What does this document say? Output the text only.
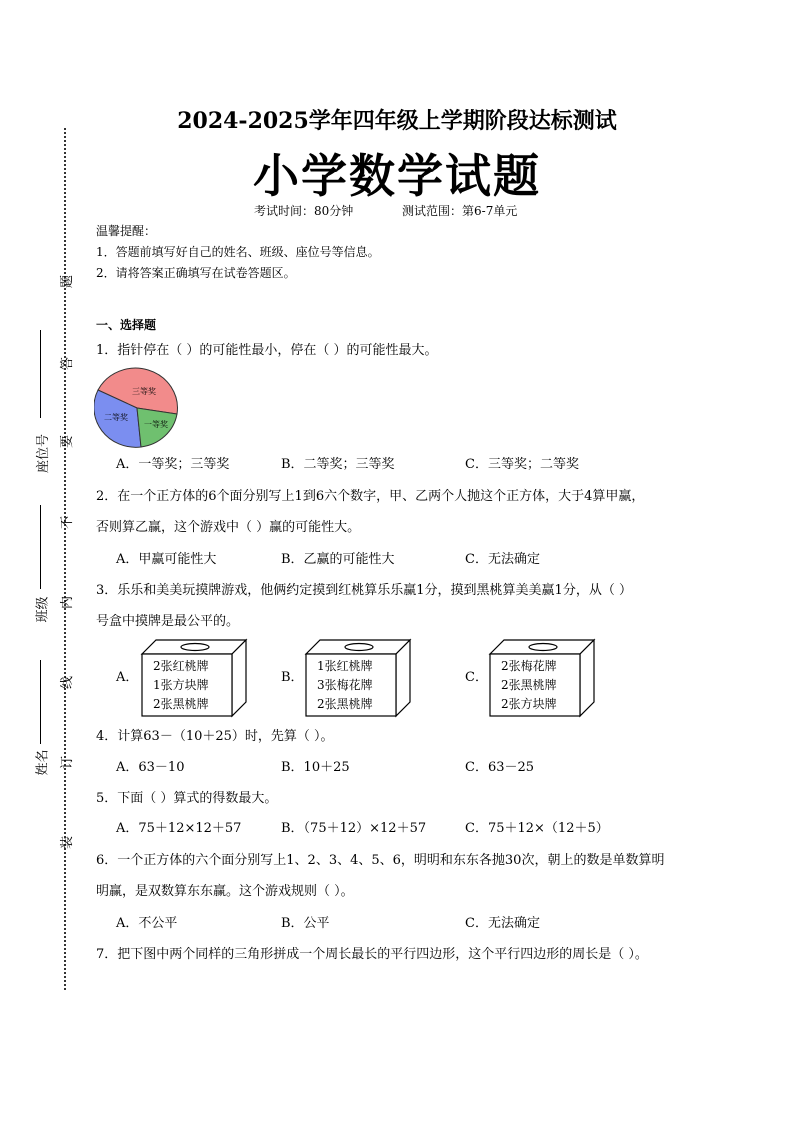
座位号
班级
姓名
题
答
要
不
内
线
订
装
2024-2025学年四年级上学期阶段达标测试
小学数学试题
考试时间：80分钟	测试范围：第6-7单元
温馨提醒：
1．答题前填写好自己的姓名、班级、座位号等信息。
2．请将答案正确填写在试卷答题区。
一、选择题
1．指针停在（ ）的可能性最小，停在（ ）的可能性最大。
三等奖
二等奖
一等奖
A．一等奖；三等奖	B．二等奖；三等奖	C．三等奖；二等奖
2．在一个正方体的6个面分别写上1到6六个数字，甲、乙两个人抛这个正方体，大于4算甲赢，
否则算乙赢，这个游戏中（ ）赢的可能性大。
A．甲赢可能性大	B．乙赢的可能性大	C．无法确定
3．乐乐和美美玩摸牌游戏，他俩约定摸到红桃算乐乐赢1分，摸到黑桃算美美赢1分，从（ ）
号盒中摸牌是最公平的。
A．
2张红桃牌
1张方块牌
2张黑桃牌
B．
1张红桃牌
3张梅花牌
2张黑桃牌
C．
2张梅花牌
2张黑桃牌
2张方块牌
4．计算63－（10＋25）时，先算（ ）。
A．63－10	B．10＋25	C．63－25
5．下面（ ）算式的得数最大。
A．75＋12×12＋57	B．（75＋12）×12＋57	C．75＋12×（12＋5）
6．一个正方体的六个面分别写上1、2、3、4、5、6，明明和东东各抛30次，朝上的数是单数算明
明赢，是双数算东东赢。这个游戏规则（ ）。
A．不公平	B．公平	C．无法确定
7．把下图中两个同样的三角形拼成一个周长最长的平行四边形，这个平行四边形的周长是（ ）。
